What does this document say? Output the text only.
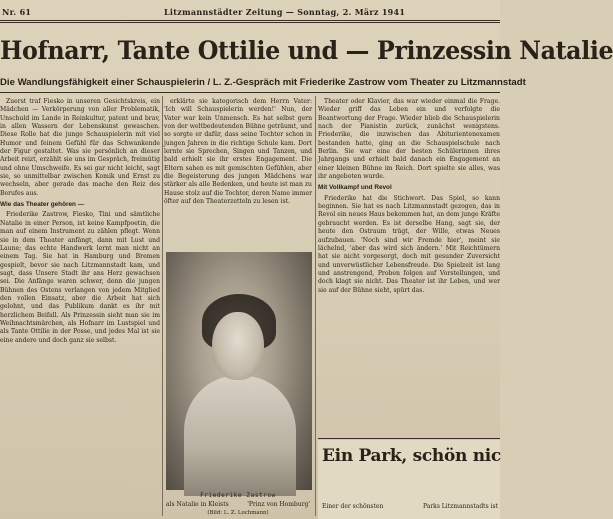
Nr. 61	Litzmannstädter Zeitung — Sonntag, 2. März 1941
Hofnarr, Tante Ottilie und — Prinzessin Natalie
Die Wandlungsfähigkeit einer Schauspielerin / L. Z.-Gespräch mit Friederike Zastrow vom Theater zu Litzmannstadt

Zuerst traf Fiesko in unseren Gesichtskreis, ein Mädchen — Verkörperung von aller Problematik, Unschuld im Lande in Reinkultur, patent und brav, in allen Wassern der Lebenskunst gewaschen. Diese Rolle hat die junge Schauspielerin mit viel Humor und feinem Gefühl für das Schwankende der Figur gestaltet. Was sie persönlich an dieser Arbeit reizt, erzählt sie uns im Gespräch, freimütig und ohne Umschweife. Es sei gar nicht leicht, sagt sie, so unmittelbar zwischen Komik und Ernst zu wechseln, aber gerade das mache den Reiz des Berufes aus.

Wie das Theater gehören —

Friederike Zastrow, Fiesko, Tini und sämtliche Natalie in einer Person, ist keine Kampfpoetin, die man auf einem Instrument zu zählen pflegt. Wenn sie in dem Theater anfängt, dann mit Lust und Laune; das echte Handwerk lernt man nicht an einem Tag. Sie hat in Hamburg und Bremen gespielt, bevor sie nach Litzmannstadt kam, und sagt, dass Unsere Stadt ihr ans Herz gewachsen sei. Die Anfänge waren schwer, denn die jungen Bühnen des Ostens verlangen von jedem Mitglied den vollen Einsatz, aber die Arbeit hat sich gelohnt, und das Publikum dankt es ihr mit herzlichem Beifall. Als Prinzessin sieht man sie im Weihnachtsmärchen, als Hofnarr im Lustspiel und als Tante Ottilie in der Posse, und jedes Mal ist sie eine andere und doch ganz sie selbst.

erklärte sie kategorisch dem Herrn Vater: 'Ich will Schauspielerin werden!' Nun, der Vater war kein Unmensch. Es hat selbst gern von der weltbedeutenden Bühne geträumt, und so sorgte er dafür, dass seine Tochter schon in jungen Jahren in die richtige Schule kam. Dort lernte sie Sprechen, Singen und Tanzen, und bald erhielt sie ihr erstes Engagement. Die Eltern sahen es mit gemischten Gefühlen, aber die Begeisterung des jungen Mädchens war stärker als alle Bedenken, und heute ist man zu Hause stolz auf die Tochter, deren Name immer öfter auf den Theaterzetteln zu lesen ist.

Friederike Zastrow
als Natalie in Kleists	'Prinz von Homburg'
(Bild: L. Z. Lochmann)

Theater oder Klavier, das war wieder einmal die Frage. Wieder griff das Leben ein und verfolgte die Beantwortung der Frage. Wieder blieb die Schauspielerin nach der Pianistin zurück, zunächst wenigstens. Friederike, die inzwischen das Abiturientenexamen bestanden hatte, ging an die Schauspielschule nach Berlin. Sie war eine der besten Schülerinnen ihres Jahrgangs und erhielt bald danach ein Engagement an einer kleinen Bühne im Reich. Dort spielte sie alles, was ihr angeboten wurde.

Mit Vollkampf und Revol

Friederike hat die Stichwort. Das Spiel, so kann beginnen. Sie hat es nach Litzmannstadt gezogen, das in Revol ein neues Haus bekommen hat, an dem junge Kräfte gebraucht werden. Es ist derselbe Hang, sagt sie, der heute den Ostraum trägt, der Wille, etwas Neues aufzubauen. 'Noch sind wir Fremde hier', meint sie lächelnd, 'aber das wird sich ändern.' Mit Reichtümern hat sie nicht vorgesorgt, doch mit gesunder Zuversicht und unverwüstlicher Lebensfreude. Die Spielzeit ist lang und anstrengend, Proben folgen auf Vorstellungen, und doch klagt sie nicht. Das Theater ist ihr Leben, und wer sie auf der Bühne sieht, spürt das.

Ein Park, schön nic
Einer der schönsten	Parks Litzmannstadts ist
